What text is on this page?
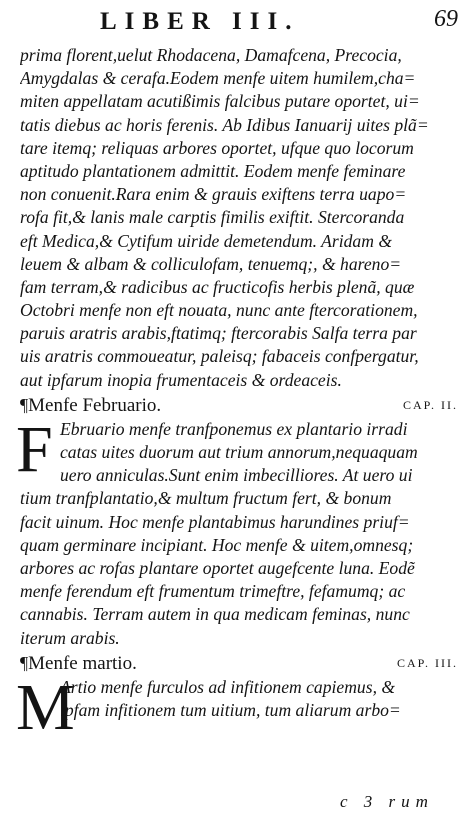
LIBER III.	69
prima florent,uelut Rhodacena, Damafcena, Precocia,
Amygdalas & cerafa.Eodem menfe uitem humilem,cha=
miten appellatam acutißimis falcibus putare oportet, ui=
tatis diebus ac horis ferenis. Ab Idibus Ianuarij uites plã=
tare itemq; reliquas arbores oportet, ufque quo locorum
aptitudo plantationem admittit. Eodem menfe feminare
non conuenit.Rara enim & grauis exiftens terra uapo=
rofa fit,& lanis male carptis fimilis exiftit. Stercoranda
eft Medica,& Cytifum uiride demetendum. Aridam &
leuem & albam & colliculofam, tenuemq;, & hareno=
fam terram,& radicibus ac fructicofis herbis plenã, quæ
Octobri menfe non eft nouata, nunc ante ftercorationem,
paruis aratris arabis,ftatimq; ftercorabis Salfa terra par
uis aratris commoueatur, paleisq; fabaceis confpergatur,
aut ipfarum inopia frumentaceis & ordeaceis.
¶Menfe Februario.	CAP. II.
F Ebruario menfe tranfponemus ex plantario irradi
catas uites duorum aut trium annorum,nequaquam
uero anniculas.Sunt enim imbecilliores. At uero ui
tium tranfplantatio,& multum fructum fert, & bonum
facit uinum. Hoc menfe plantabimus harundines priuf=
quam germinare incipiant. Hoc menfe & uitem,omnesq;
arbores ac rofas plantare oportet augefcente luna. Eodẽ
menfe ferendum eft frumentum trimeftre, fefamumq; ac
cannabis. Terram autem in qua medicam feminas, nunc
iterum arabis.
¶Menfe martio.	CAP. III.
M
Artio menfe furculos ad infitionem capiemus, &
ipfam infitionem tum uitium, tum aliarum arbo=
c 3 rum
